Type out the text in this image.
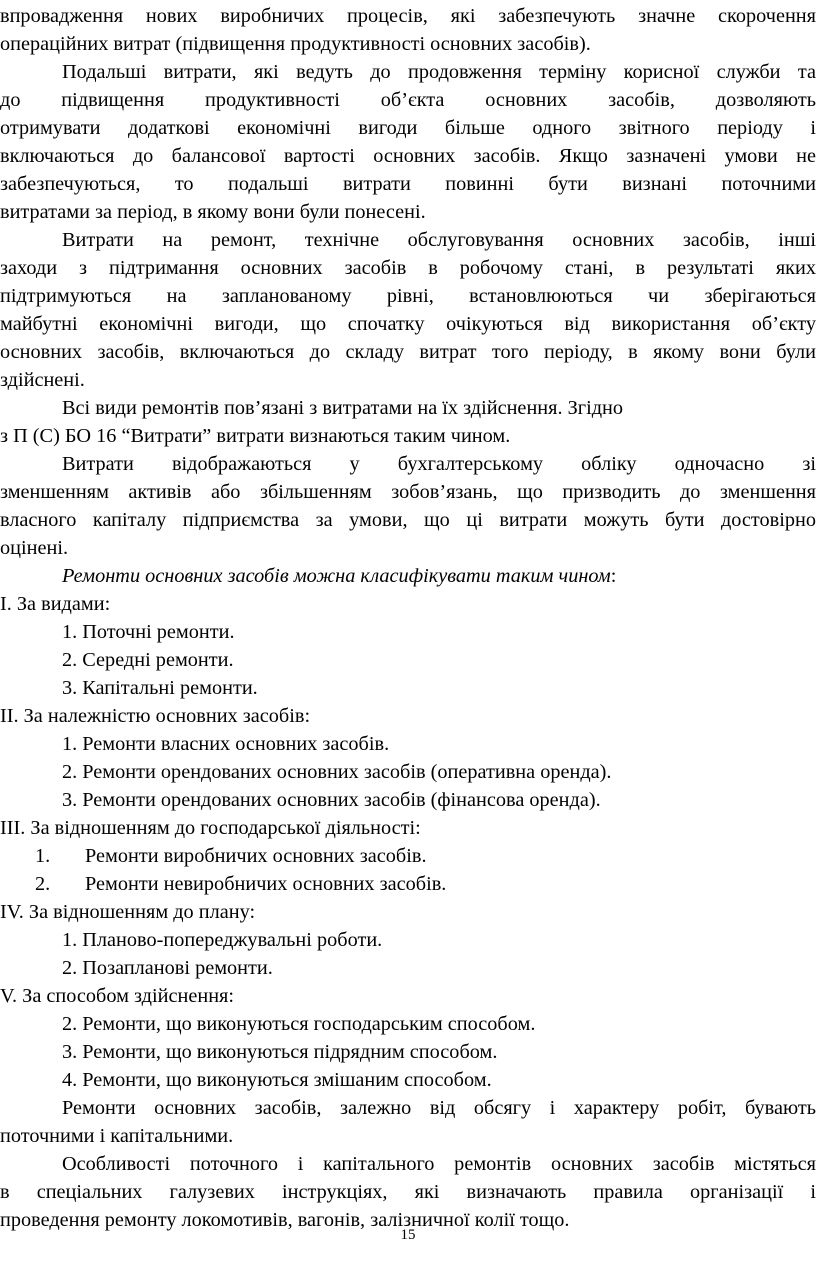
впровадження нових виробничих процесів, які забезпечують значне скорочення
операційних витрат (підвищення продуктивності основних засобів).
Подальші витрати, які ведуть до продовження терміну корисної служби та
до підвищення продуктивності об’єкта основних засобів, дозволяють
отримувати додаткові економічні вигоди більше одного звітного періоду і
включаються до балансової вартості основних засобів. Якщо зазначені умови не
забезпечуються, то подальші витрати повинні бути визнані поточними
витратами за період, в якому вони були понесені.
Витрати на ремонт, технічне обслуговування основних засобів, інші
заходи з підтримання основних засобів в робочому стані, в результаті яких
підтримуються на запланованому рівні, встановлюються чи зберігаються
майбутні економічні вигоди, що спочатку очікуються від використання об’єкту
основних засобів, включаються до складу витрат того періоду, в якому вони були
здійснені.
Всі види ремонтів пов’язані з витратами на їх здійснення. Згідно
з П (С) БО 16 “Витрати” витрати визнаються таким чином.
Витрати відображаються у бухгалтерському обліку одночасно зі
зменшенням активів або збільшенням зобов’язань, що призводить до зменшення
власного капіталу підприємства за умови, що ці витрати можуть бути достовірно
оцінені.
Ремонти основних засобів можна класифікувати таким чином:
I. За видами:
1. Поточні ремонти.
2. Середні ремонти.
3. Капітальні ремонти.
II. За належністю основних засобів:
1. Ремонти власних основних засобів.
2. Ремонти орендованих основних засобів (оперативна оренда).
3. Ремонти орендованих основних засобів (фінансова оренда).
III. За відношенням до господарської діяльності:
1. Ремонти виробничих основних засобів.
2. Ремонти невиробничих основних засобів.
IV. За відношенням до плану:
1. Планово-попереджувальні роботи.
2. Позапланові ремонти.
V. За способом здійснення:
2. Ремонти, що виконуються господарським способом.
3. Ремонти, що виконуються підрядним способом.
4. Ремонти, що виконуються змішаним способом.
Ремонти основних засобів, залежно від обсягу і характеру робіт, бувають
поточними і капітальними.
Особливості поточного і капітального ремонтів основних засобів містяться
в спеціальних галузевих інструкціях, які визначають правила організації і
проведення ремонту локомотивів, вагонів, залізничної колії тощо.
15
